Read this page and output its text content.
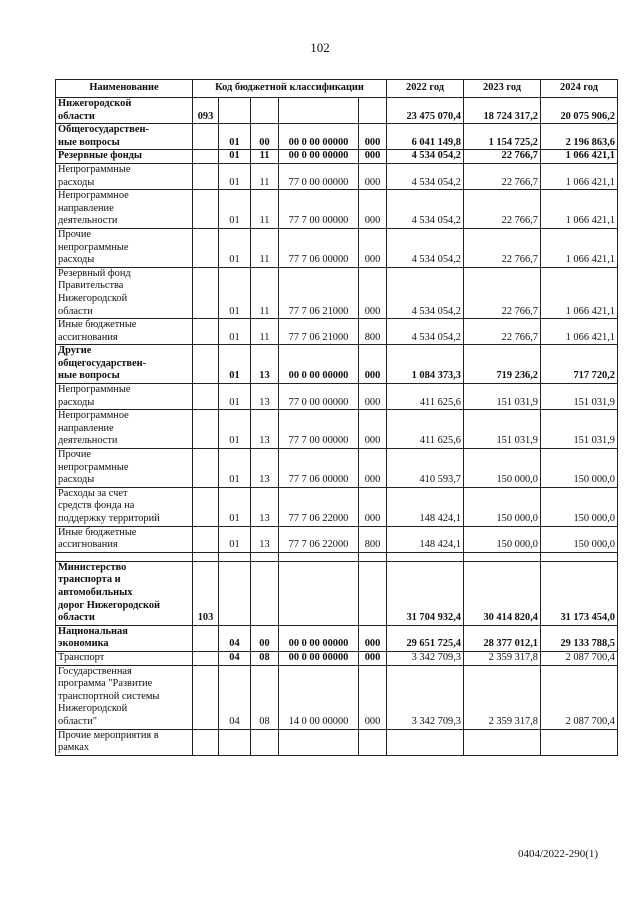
102
Наименование	Код бюджетной классификации					2022 год	2023 год	2024 год

Нижегородской
области	093					23 475 070,4	18 724 317,2	20 075 906,2

Общегосударствен-
ные вопросы		01	00	00 0 00 00000	000	6 041 149,8	1 154 725,2	2 196 863,6

Резервные фонды		01	11	00 0 00 00000	000	4 534 054,2	22 766,7	1 066 421,1

Непрограммные
расходы		01	11	77 0 00 00000	000	4 534 054,2	22 766,7	1 066 421,1

Непрограммное
направление
деятельности		01	11	77 7 00 00000	000	4 534 054,2	22 766,7	1 066 421,1

Прочие
непрограммные
расходы		01	11	77 7 06 00000	000	4 534 054,2	22 766,7	1 066 421,1

Резервный фонд
Правительства
Нижегородской
области		01	11	77 7 06 21000	000	4 534 054,2	22 766,7	1 066 421,1

Иные бюджетные
ассигнования		01	11	77 7 06 21000	800	4 534 054,2	22 766,7	1 066 421,1

Другие
общегосударствен-
ные вопросы		01	13	00 0 00 00000	000	1 084 373,3	719 236,2	717 720,2

Непрограммные
расходы		01	13	77 0 00 00000	000	411 625,6	151 031,9	151 031,9

Непрограммное
направление
деятельности		01	13	77 7 00 00000	000	411 625,6	151 031,9	151 031,9

Прочие
непрограммные
расходы		01	13	77 7 06 00000	000	410 593,7	150 000,0	150 000,0

Расходы за счет
средств фонда на
поддержку территорий		01	13	77 7 06 22000	000	148 424,1	150 000,0	150 000,0

Иные бюджетные
ассигнования		01	13	77 7 06 22000	800	148 424,1	150 000,0	150 000,0

Министерство
транспорта и
автомобильных
дорог Нижегородской
области	103					31 704 932,4	30 414 820,4	31 173 454,0

Национальная
экономика		04	00	00 0 00 00000	000	29 651 725,4	28 377 012,1	29 133 788,5

Транспорт		04	08	00 0 00 00000	000	3 342 709,3	2 359 317,8	2 087 700,4

Государственная
программа "Развитие
транспортной системы
Нижегородской
области"		04	08	14 0 00 00000	000	3 342 709,3	2 359 317,8	2 087 700,4

Прочие мероприятия в
рамках								

0404/2022-290(1)
